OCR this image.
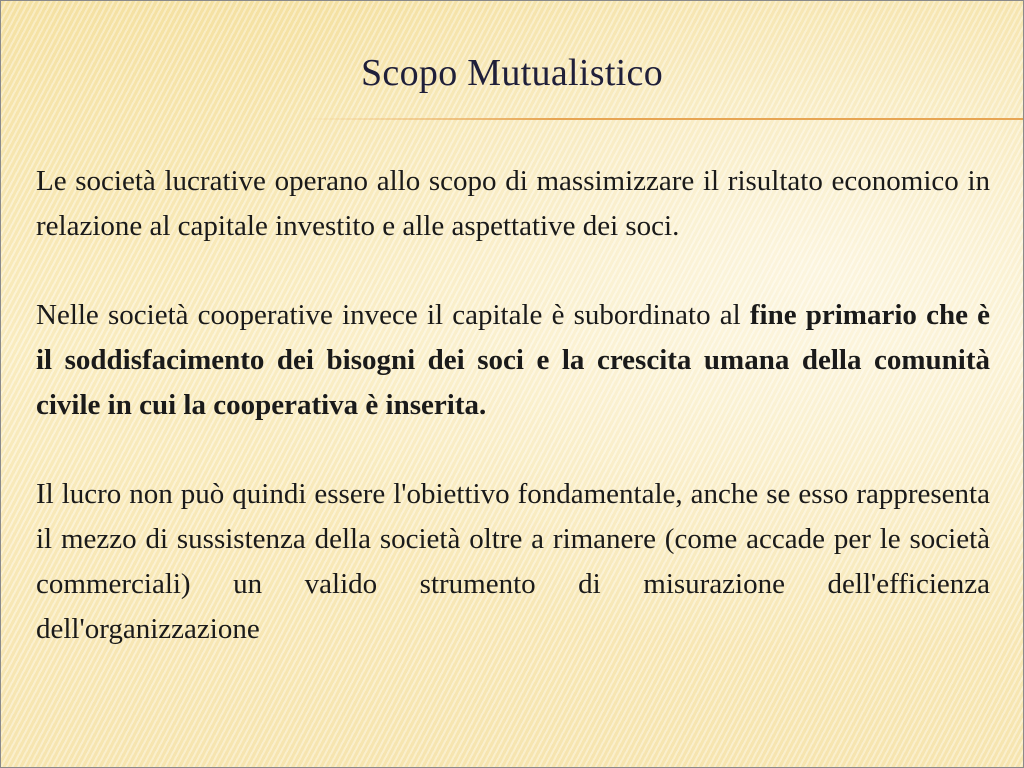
Scopo Mutualistico

Le società lucrative operano allo scopo di massimizzare il risultato economico in relazione al capitale investito e alle aspettative dei soci.

Nelle società cooperative invece il capitale è subordinato al fine primario che è il soddisfacimento dei bisogni dei soci e la crescita umana della comunità civile in cui la cooperativa è inserita.

Il lucro non può quindi essere l'obiettivo fondamentale, anche se esso rappresenta il mezzo di sussistenza della società oltre a rimanere (come accade per le società commerciali) un valido strumento di misurazione dell'efficienza dell'organizzazione
